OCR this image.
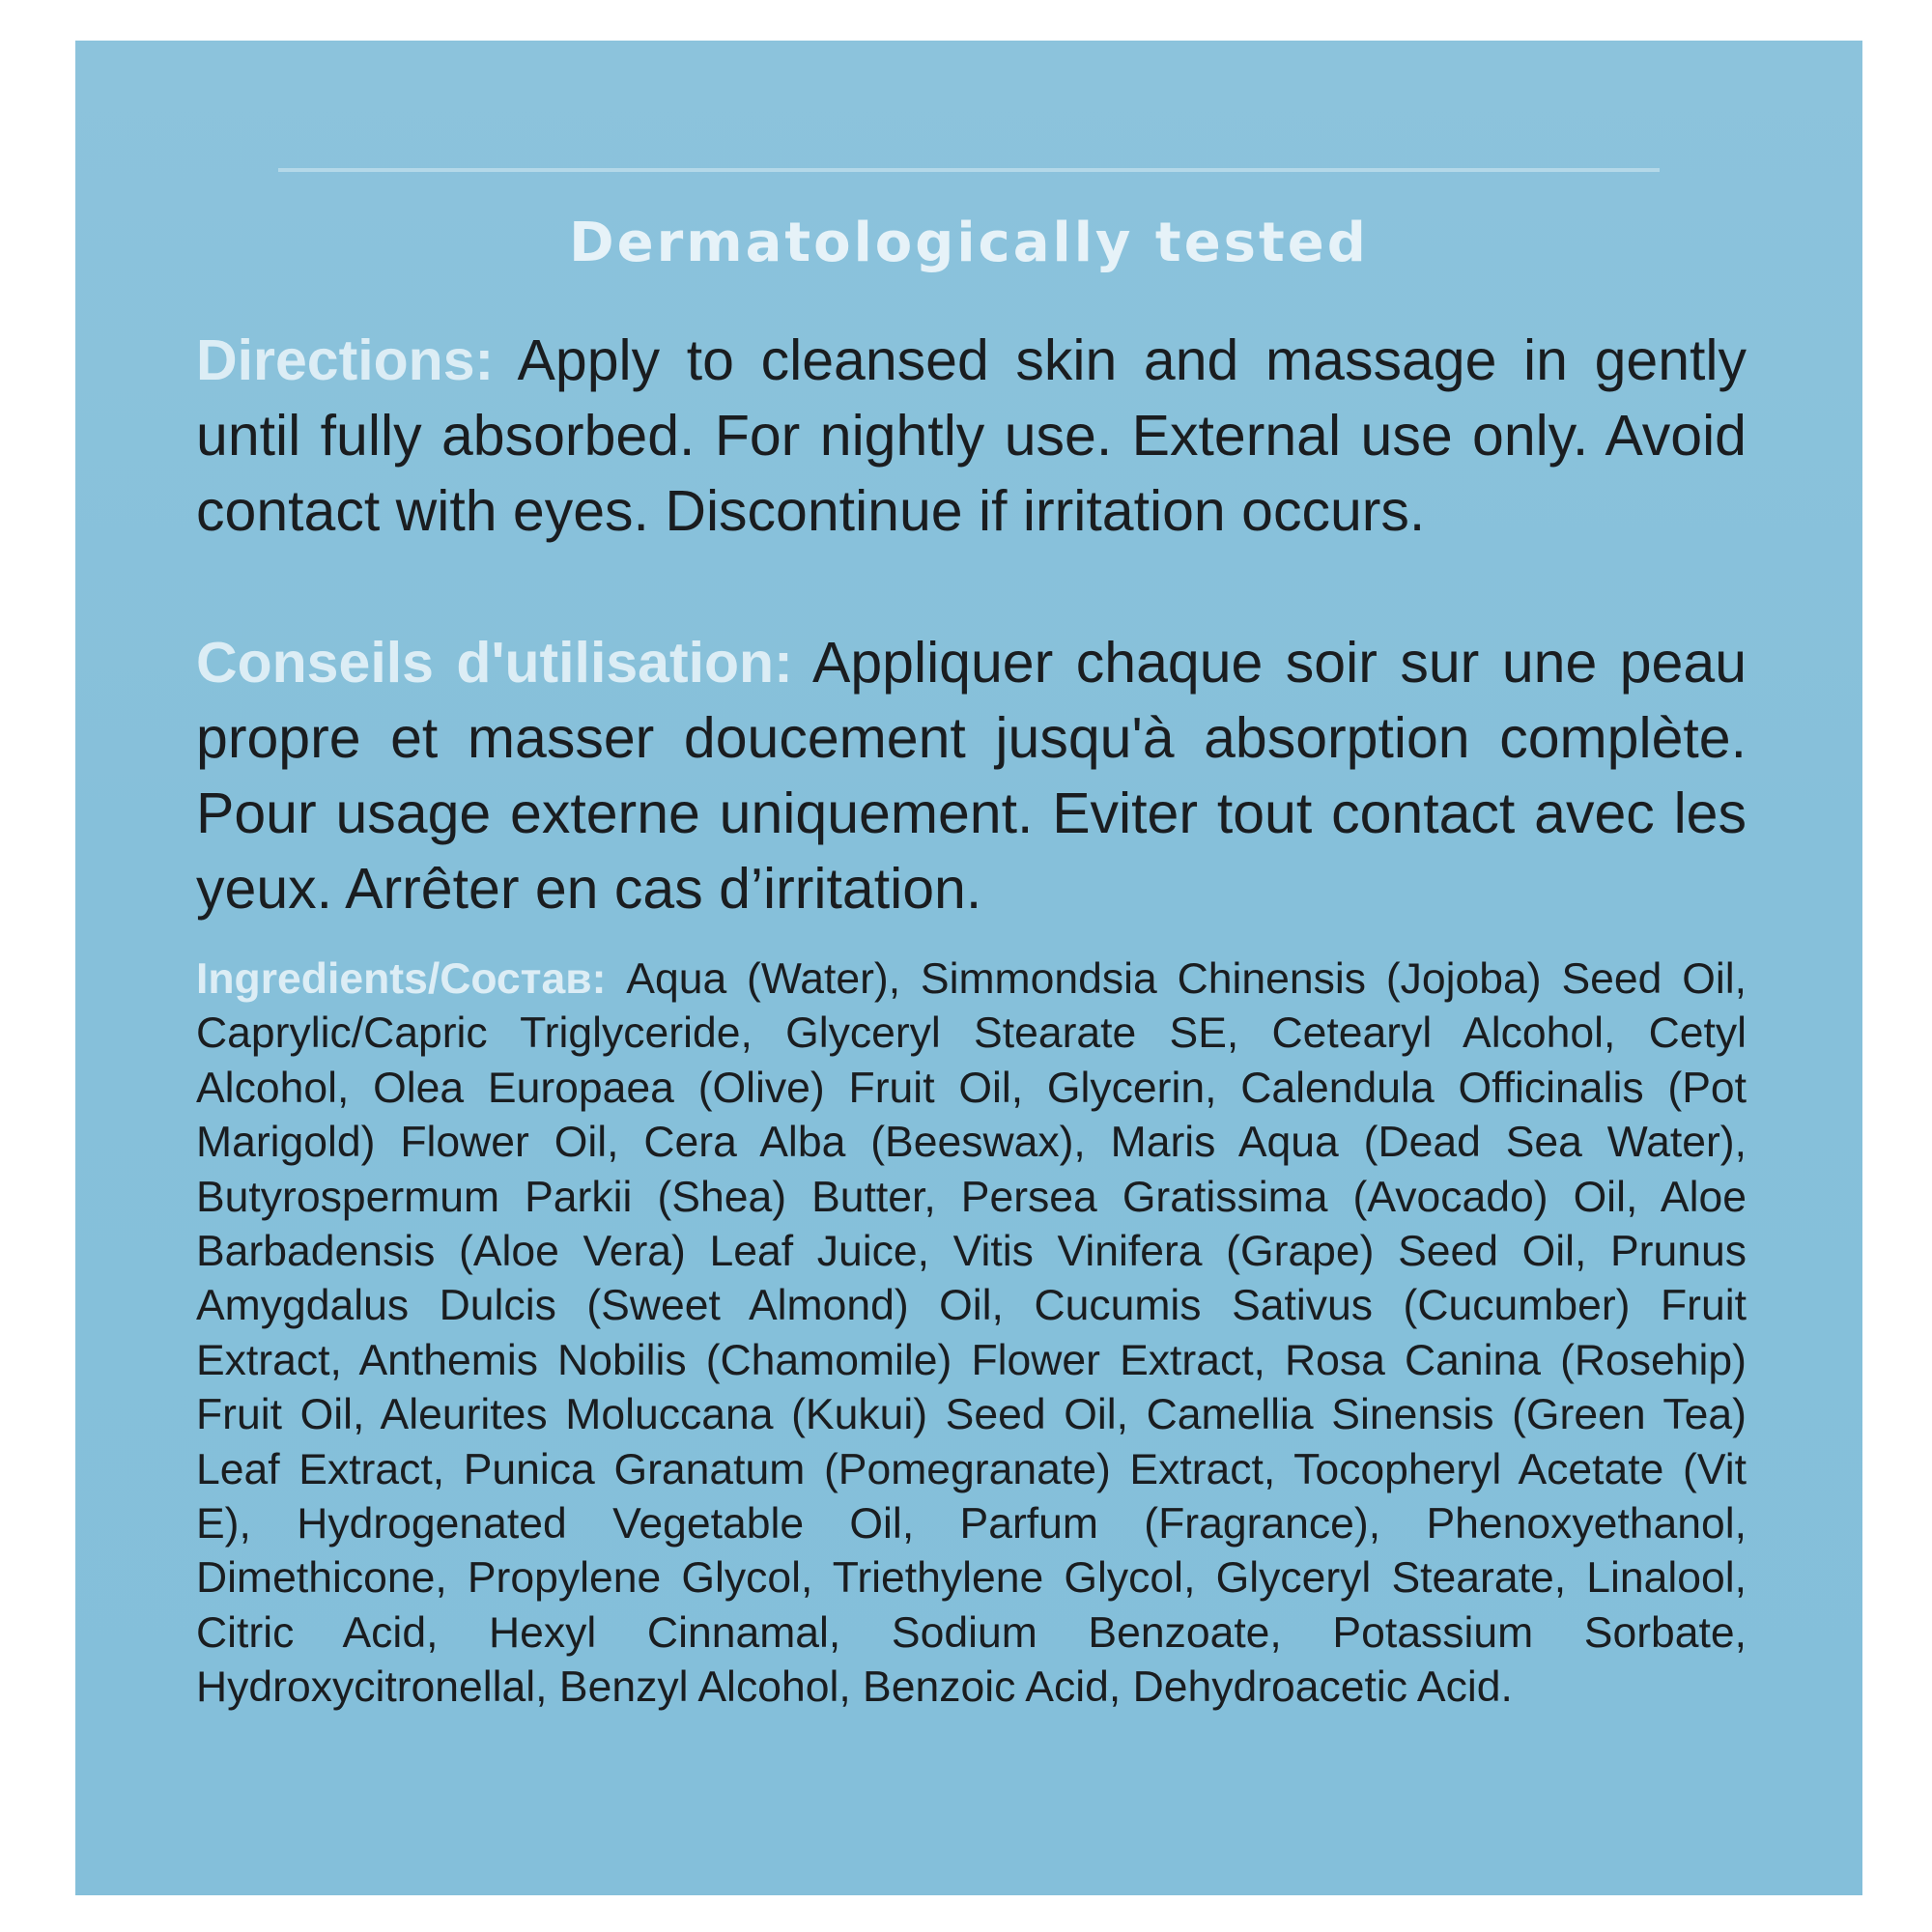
Dermatologically tested

Directions: Apply to cleansed skin and massage in gently until fully absorbed. For nightly use. External use only. Avoid contact with eyes. Discontinue if irritation occurs.

Conseils d'utilisation: Appliquer chaque soir sur une peau propre et masser doucement jusqu'à absorption complète. Pour usage externe uniquement. Eviter tout contact avec les yeux. Arrêter en cas d’irritation.

Ingredients/Состав: Aqua (Water), Simmondsia Chinensis (Jojoba) Seed Oil, Caprylic/Capric Triglyceride, Glyceryl Stearate SE, Cetearyl Alcohol, Cetyl Alcohol, Olea Europaea (Olive) Fruit Oil, Glycerin, Calendula Officinalis (Pot Marigold) Flower Oil, Cera Alba (Beeswax), Maris Aqua (Dead Sea Water), Butyrospermum Parkii (Shea) Butter, Persea Gratissima (Avocado) Oil, Aloe Barbadensis (Aloe Vera) Leaf Juice, Vitis Vinifera (Grape) Seed Oil, Prunus Amygdalus Dulcis (Sweet Almond) Oil, Cucumis Sativus (Cucumber) Fruit Extract, Anthemis Nobilis (Chamomile) Flower Extract, Rosa Canina (Rosehip) Fruit Oil, Aleurites Moluccana (Kukui) Seed Oil, Camellia Sinensis (Green Tea) Leaf Extract, Punica Granatum (Pomegranate) Extract, Tocopheryl Acetate (Vit E), Hydrogenated Vegetable Oil, Parfum (Fragrance), Phenoxyethanol, Dimethicone, Propylene Glycol, Triethylene Glycol, Glyceryl Stearate, Linalool, Citric Acid, Hexyl Cinnamal, Sodium Benzoate, Potassium Sorbate, Hydroxycitronellal, Benzyl Alcohol, Benzoic Acid, Dehydroacetic Acid.
